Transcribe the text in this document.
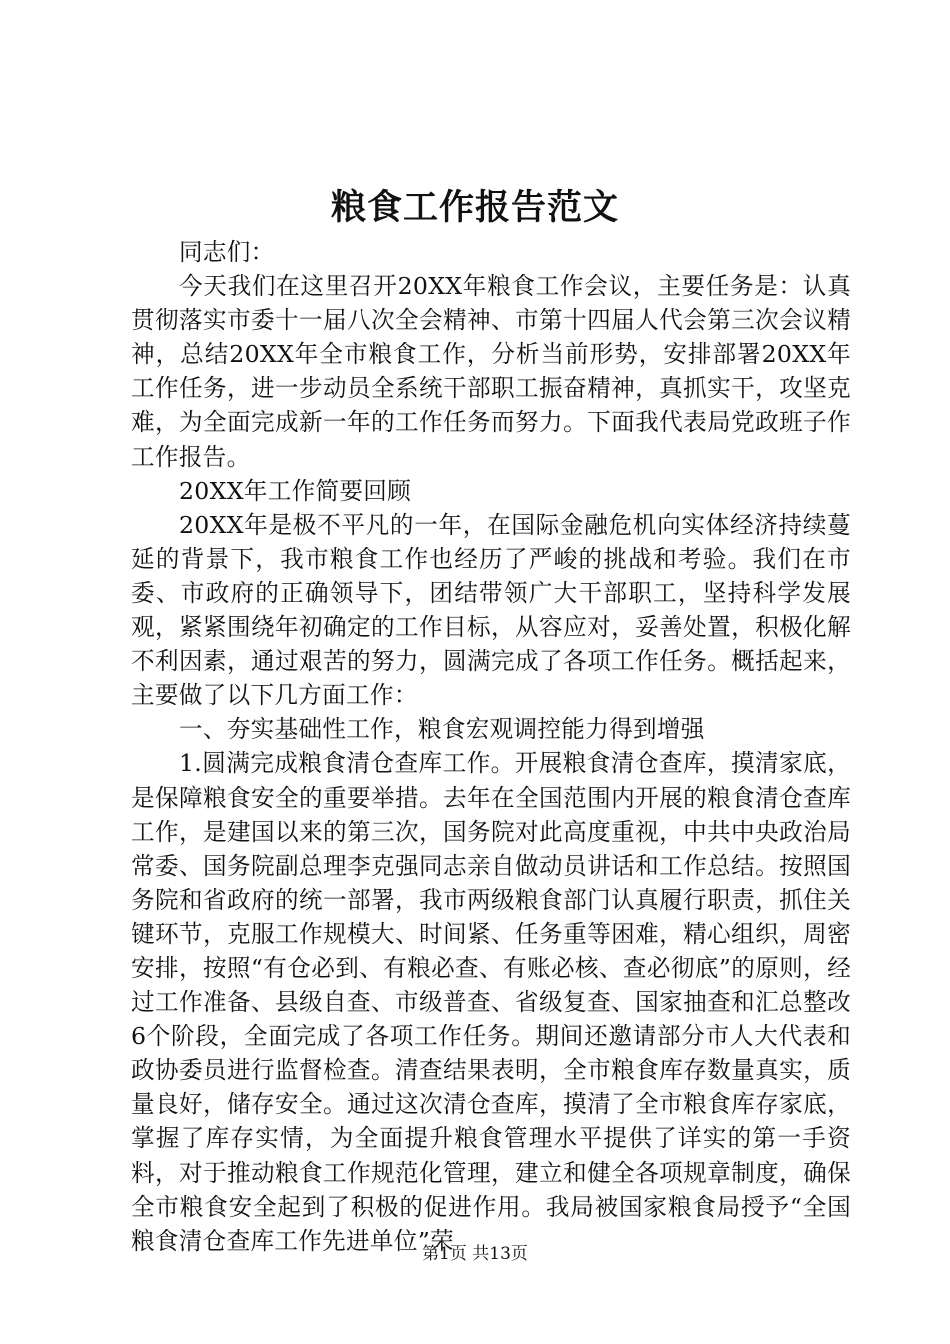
粮食工作报告范文

同志们：

今天我们在这里召开20XX年粮食工作会议，主要任务是：认真贯彻落实市委十一届八次全会精神、市第十四届人代会第三次会议精神，总结20XX年全市粮食工作，分析当前形势，安排部署20XX年工作任务，进一步动员全系统干部职工振奋精神，真抓实干，攻坚克难，为全面完成新一年的工作任务而努力。下面我代表局党政班子作工作报告。

20XX年工作简要回顾

20XX年是极不平凡的一年，在国际金融危机向实体经济持续蔓延的背景下，我市粮食工作也经历了严峻的挑战和考验。我们在市委、市政府的正确领导下，团结带领广大干部职工，坚持科学发展观，紧紧围绕年初确定的工作目标，从容应对，妥善处置，积极化解不利因素，通过艰苦的努力，圆满完成了各项工作任务。概括起来，主要做了以下几方面工作：

一、夯实基础性工作，粮食宏观调控能力得到增强

1.圆满完成粮食清仓查库工作。开展粮食清仓查库，摸清家底，是保障粮食安全的重要举措。去年在全国范围内开展的粮食清仓查库工作，是建国以来的第三次，国务院对此高度重视，中共中央政治局常委、国务院副总理李克强同志亲自做动员讲话和工作总结。按照国务院和省政府的统一部署，我市两级粮食部门认真履行职责，抓住关键环节，克服工作规模大、时间紧、任务重等困难，精心组织，周密安排，按照“有仓必到、有粮必查、有账必核、查必彻底”的原则，经过工作准备、县级自查、市级普查、省级复查、国家抽查和汇总整改6个阶段，全面完成了各项工作任务。期间还邀请部分市人大代表和政协委员进行监督检查。清查结果表明，全市粮食库存数量真实，质量良好，储存安全。通过这次清仓查库，摸清了全市粮食库存家底，掌握了库存实情，为全面提升粮食管理水平提供了详实的第一手资料，对于推动粮食工作规范化管理，建立和健全各项规章制度，确保全市粮食安全起到了积极的促进作用。我局被国家粮食局授予“全国粮食清仓查库工作先进单位”荣

第1页 共13页
